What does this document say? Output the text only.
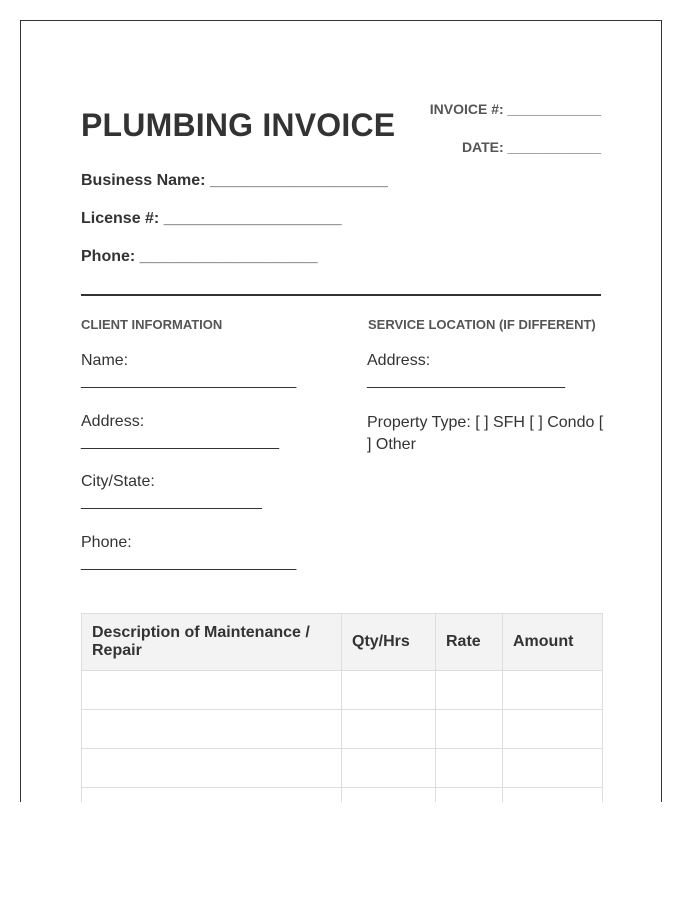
PLUMBING INVOICE INVOICE #: ____________
DATE: ____________
Business Name: ____________________
License #: ____________________
Phone: ____________________
CLIENT INFORMATION	SERVICE LOCATION (IF DIFFERENT)
Name:
_________________________
Address:
_______________________
City/State:
_____________________
Phone:
_________________________
Address:
_______________________
Property Type: [ ] SFH [ ] Condo [ ] Other
Description of Maintenance / Repair	Qty/Hrs	Rate	Amount
